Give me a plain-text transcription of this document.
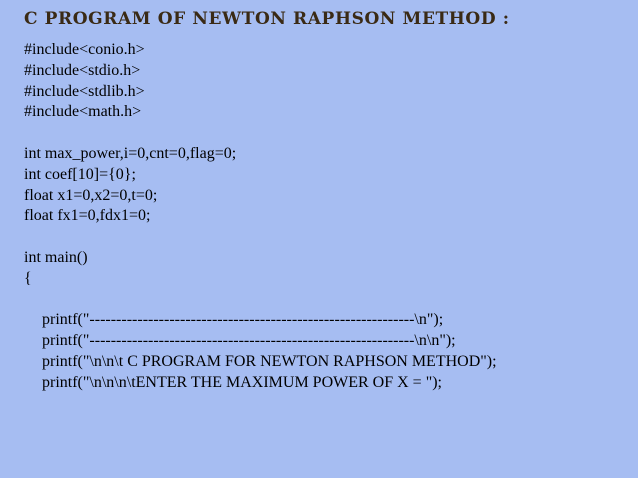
C PROGRAM OF NEWTON RAPHSON METHOD :
#include<conio.h>
#include<stdio.h>
#include<stdlib.h>
#include<math.h>
int max_power,i=0,cnt=0,flag=0;
int coef[10]={0};
float x1=0,x2=0,t=0;
float fx1=0,fdx1=0;
int main()
{
printf("-------------------------------------------------------------\n");
printf("-------------------------------------------------------------\n\n");
printf("\n\n\t C PROGRAM FOR NEWTON RAPHSON METHOD");
printf("\n\n\n\tENTER THE MAXIMUM POWER OF X = ");
